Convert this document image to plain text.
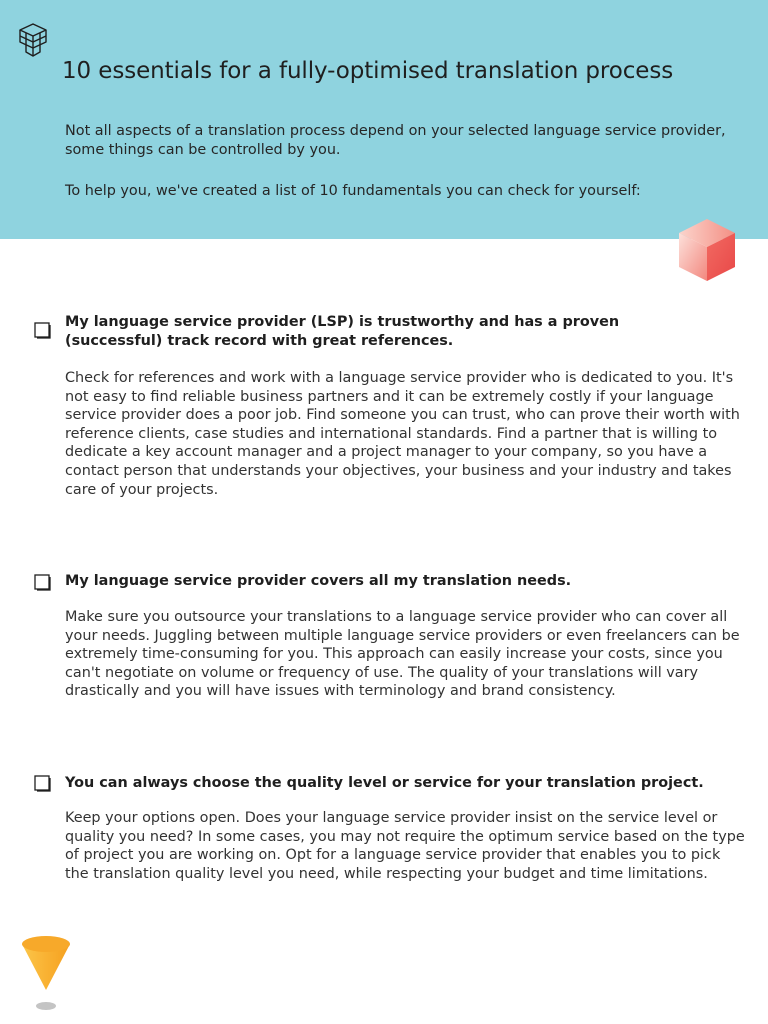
10 essentials for a fully-optimised translation process

Not all aspects of a translation process depend on your selected language service provider, some things can be controlled by you.

To help you, we've created a list of 10 fundamentals you can check for yourself:

My language service provider (LSP) is trustworthy and has a proven (successful) track record with great references.

Check for references and work with a language service provider who is dedicated to you. It's not easy to find reliable business partners and it can be extremely costly if your language service provider does a poor job. Find someone you can trust, who can prove their worth with reference clients, case studies and international standards. Find a partner that is willing to dedicate a key account manager and a project manager to your company, so you have a contact person that understands your objectives, your business and your industry and takes care of your projects.

My language service provider covers all my translation needs.

Make sure you outsource your translations to a language service provider who can cover all your needs. Juggling between multiple language service providers or even freelancers can be extremely time-consuming for you. This approach can easily increase your costs, since you can't negotiate on volume or frequency of use. The quality of your translations will vary drastically and you will have issues with terminology and brand consistency.

You can always choose the quality level or service for your translation project.

Keep your options open. Does your language service provider insist on the service level or quality you need? In some cases, you may not require the optimum service based on the type of project you are working on. Opt for a language service provider that enables you to pick the translation quality level you need, while respecting your budget and time limitations.
